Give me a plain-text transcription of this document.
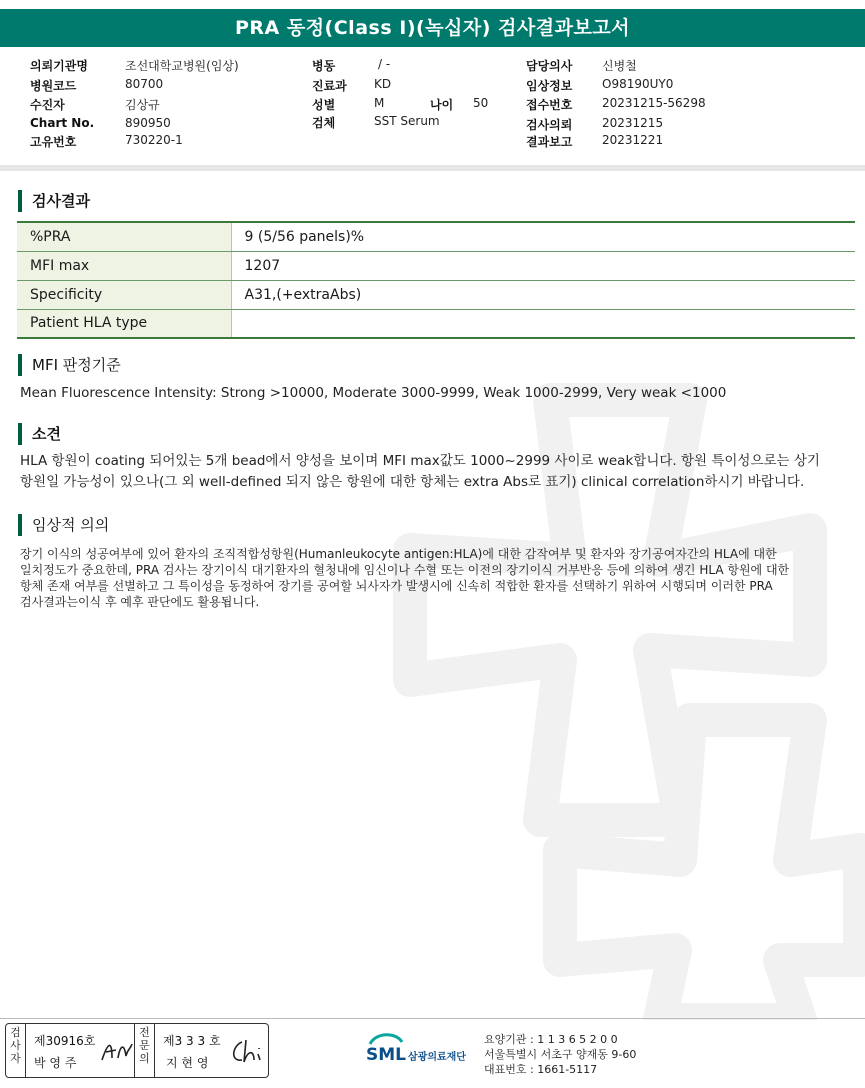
PRA 동정(Class I)(녹십자) 검사결과보고서
의뢰기관명	조선대학교병원(임상)
병원코드	80700
수진자	김상규
Chart No.	890950
고유번호	730220-1
병동	/ -
진료과 KD
성별	M	나이 50
검체	SST Serum
담당의사 신병철
임상정보 O98190UY0
접수번호 20231215-56298
검사의뢰 20231215
결과보고 20231221
검사결과
%PRA	9 (5/56 panels)%
MFI max	1207
Specificity	A31,(+extraAbs)
Patient HLA type	
MFI 판정기준
Mean Fluorescence Intensity: Strong >10000, Moderate 3000-9999, Weak 1000-2999, Very weak <1000
소견
HLA 항원이 coating 되어있는 5개 bead에서 양성을 보이며 MFI max값도 1000~2999 사이로 weak합니다. 항원 특이성으로는 상기
항원일 가능성이 있으나(그 외 well-defined 되지 않은 항원에 대한 항체는 extra Abs로 표기) clinical correlation하시기 바랍니다.
임상적 의의
장기 이식의 성공여부에 있어 환자의 조직적합성항원(Humanleukocyte antigen:HLA)에 대한 감작여부 및 환자와 장기공여자간의 HLA에 대한
일치정도가 중요한데, PRA 검사는 장기이식 대기환자의 혈청내에 임신이나 수혈 또는 이전의 장기이식 거부반응 등에 의하여 생긴 HLA 항원에 대한
항체 존재 여부를 선별하고 그 특이성을 동정하여 장기를 공여할 뇌사자가 발생시에 신속히 적합한 환자를 선택하기 위하여 시행되며 이러한 PRA
검사결과는이식 후 예후 판단에도 활용됩니다.
검사자
제30916호
박 영 주
전문의
제3 3 3 호
지 현 영	SML 삼광의료재단
요양기관 : 1 1 3 6 5 2 0 0
서울특별시 서초구 양재동 9-60
대표번호 : 1661-5117
